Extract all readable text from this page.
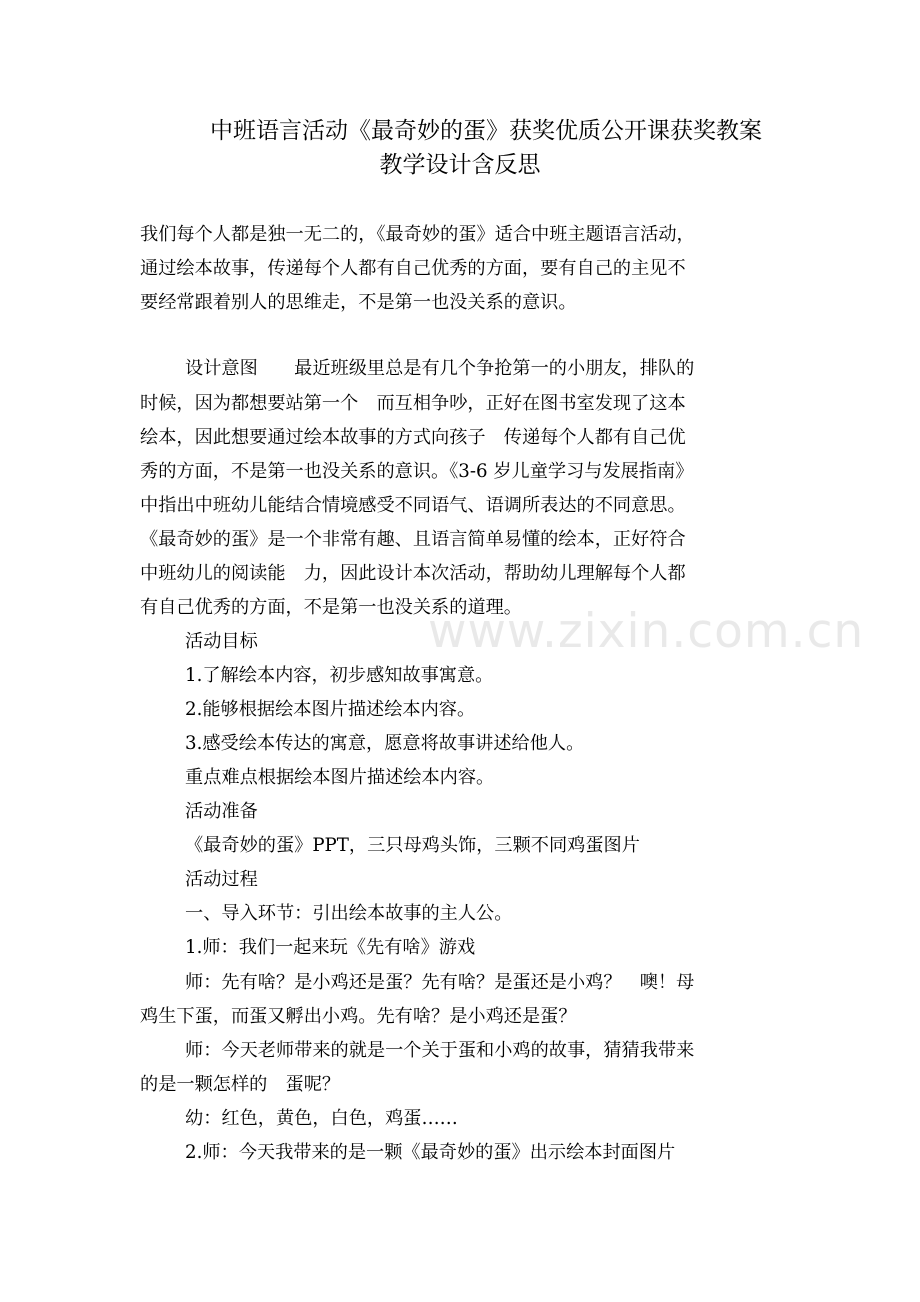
中班语言活动《最奇妙的蛋》获奖优质公开课获奖教案
教学设计含反思

我们每个人都是独一无二的，《最奇妙的蛋》适合中班主题语言活动，

通过绘本故事，传递每个人都有自己优秀的方面，要有自己的主见不

要经常跟着别人的思维走，不是第一也没关系的意识。

设计意图　　最近班级里总是有几个争抢第一的小朋友，排队的

时候，因为都想要站第一个　而互相争吵，正好在图书室发现了这本

绘本，因此想要通过绘本故事的方式向孩子　传递每个人都有自己优

秀的方面，不是第一也没关系的意识。《3-6 岁儿童学习与发展指南》

中指出中班幼儿能结合情境感受不同语气、语调所表达的不同意思。

《最奇妙的蛋》是一个非常有趣、且语言简单易懂的绘本，正好符合

中班幼儿的阅读能　力，因此设计本次活动，帮助幼儿理解每个人都

有自己优秀的方面，不是第一也没关系的道理。

活动目标

1.了解绘本内容，初步感知故事寓意。

2.能够根据绘本图片描述绘本内容。

3.感受绘本传达的寓意，愿意将故事讲述给他人。

重点难点根据绘本图片描述绘本内容。

活动准备

《最奇妙的蛋》PPT，三只母鸡头饰，三颗不同鸡蛋图片

活动过程

一、导入环节：引出绘本故事的主人公。

1.师：我们一起来玩《先有啥》游戏

师：先有啥？是小鸡还是蛋？先有啥？是蛋还是小鸡？　噢！母

鸡生下蛋，而蛋又孵出小鸡。先有啥？是小鸡还是蛋？

师：今天老师带来的就是一个关于蛋和小鸡的故事，猜猜我带来

的是一颗怎样的　蛋呢？

幼：红色，黄色，白色，鸡蛋……

2.师：今天我带来的是一颗《最奇妙的蛋》出示绘本封面图片

www.zixin.com.cn
